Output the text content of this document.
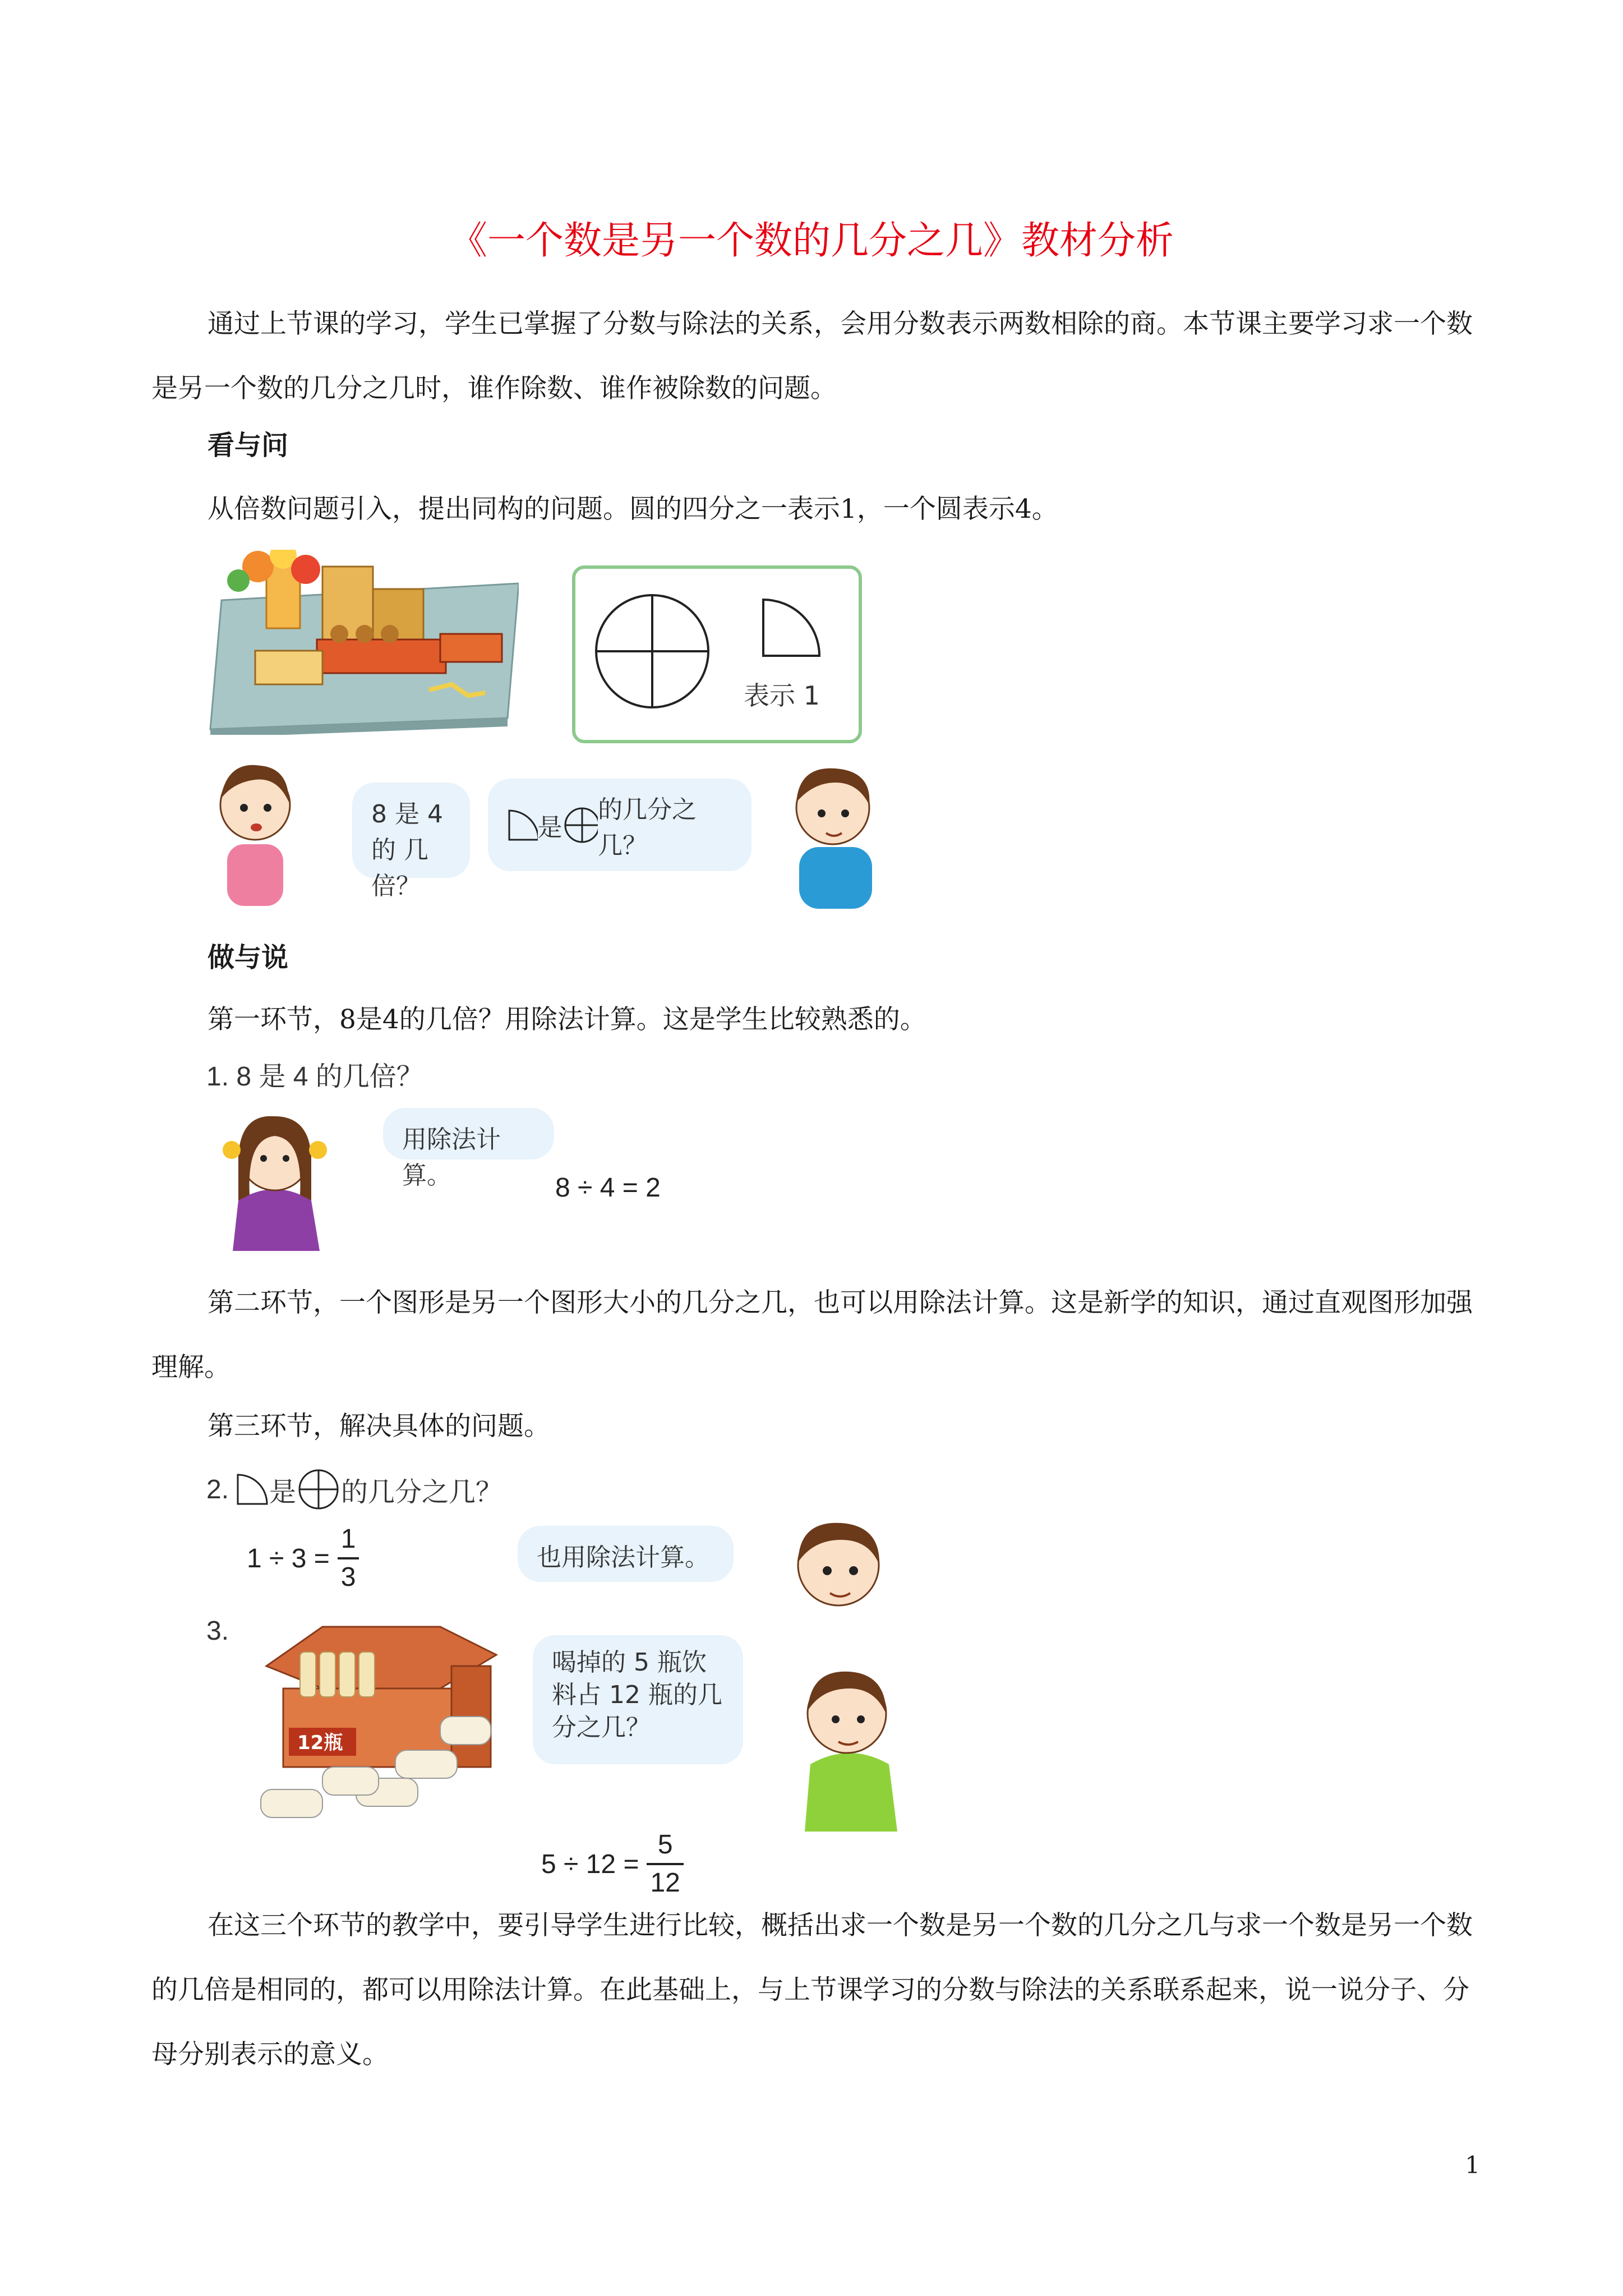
《一个数是另一个数的几分之几》教材分析
通过上节课的学习，学生已掌握了分数与除法的关系，会用分数表示两数相除的商。本节课主要学习求一个数是另一个数的几分之几时，谁作除数、谁作被除数的问题。
看与问
从倍数问题引入，提出同构的问题。圆的四分之一表示1，一个圆表示4。
表示 1
8 是 4 的 几倍？
是
的几分之几？
做与说
第一环节，8是4的几倍？用除法计算。这是学生比较熟悉的。
1. 8 是 4 的几倍？
用除法计算。	8 ÷ 4 = 2
第二环节，一个图形是另一个图形大小的几分之几，也可以用除法计算。这是新学的知识，通过直观图形加强理解。
第三环节，解决具体的问题。
2. 是 的几分之几？
$1 \div 3 = \frac{1}{3}$	也用除法计算。
3.
12瓶
喝掉的 5 瓶饮料占 12 瓶的几分之几？
$5 \div 12 = \frac{5}{12}$
在这三个环节的教学中，要引导学生进行比较，概括出求一个数是另一个数的几分之几与求一个数是另一个数的几倍是相同的，都可以用除法计算。在此基础上，与上节课学习的分数与除法的关系联系起来，说一说分子、分母分别表示的意义。
1
